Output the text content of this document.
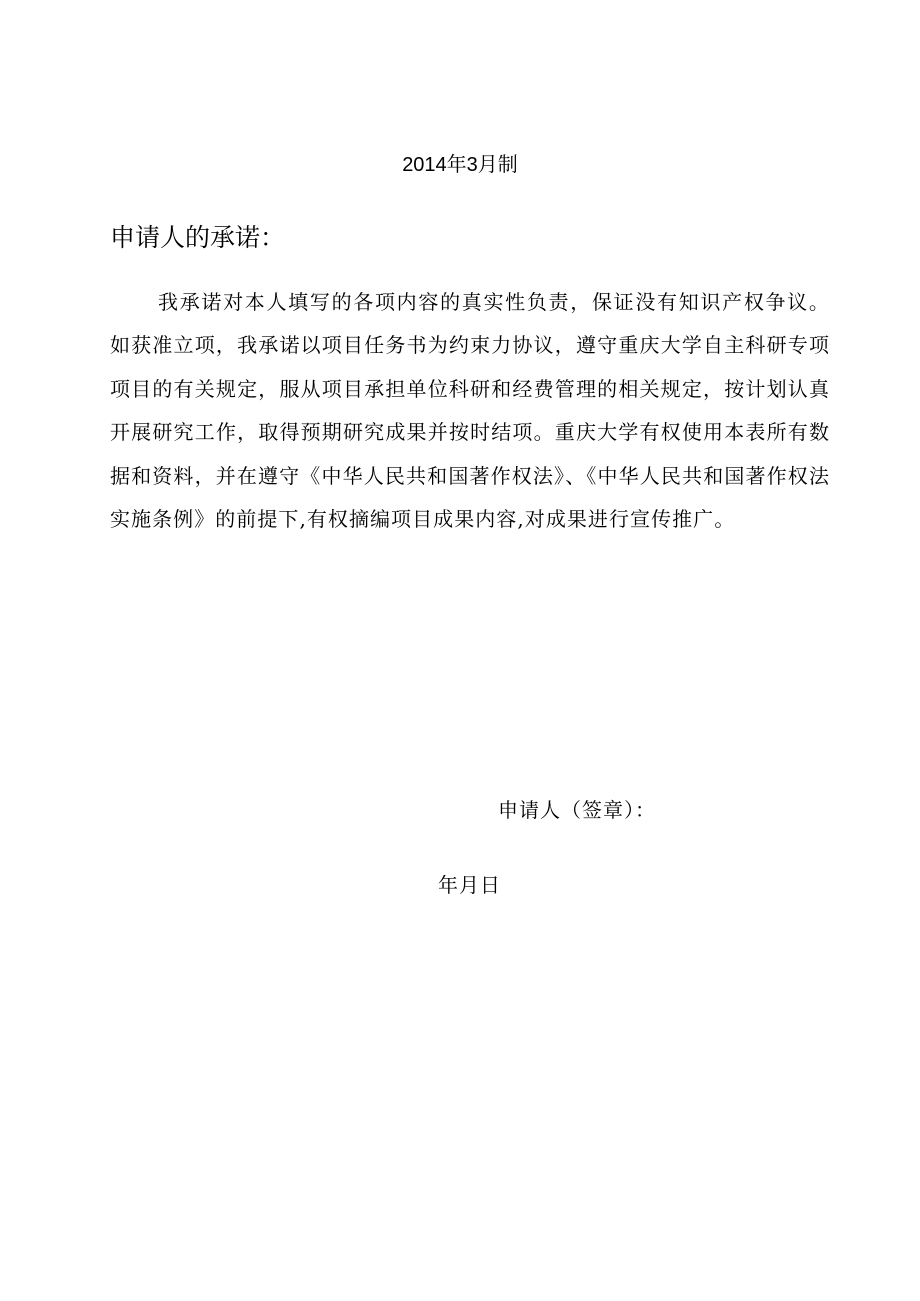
2014年3月制
申请人的承诺：

我承诺对本人填写的各项内容的真实性负责，保证没有知识产权争议。如获准立项，我承诺以项目任务书为约束力协议，遵守重庆大学自主科研专项项目的有关规定，服从项目承担单位科研和经费管理的相关规定，按计划认真开展研究工作，取得预期研究成果并按时结项。重庆大学有权使用本表所有数据和资料，并在遵守《中华人民共和国著作权法》、《中华人民共和国著作权法实施条例》的前提下,有权摘编项目成果内容,对成果进行宣传推广。

申请人（签章）：
年月日
